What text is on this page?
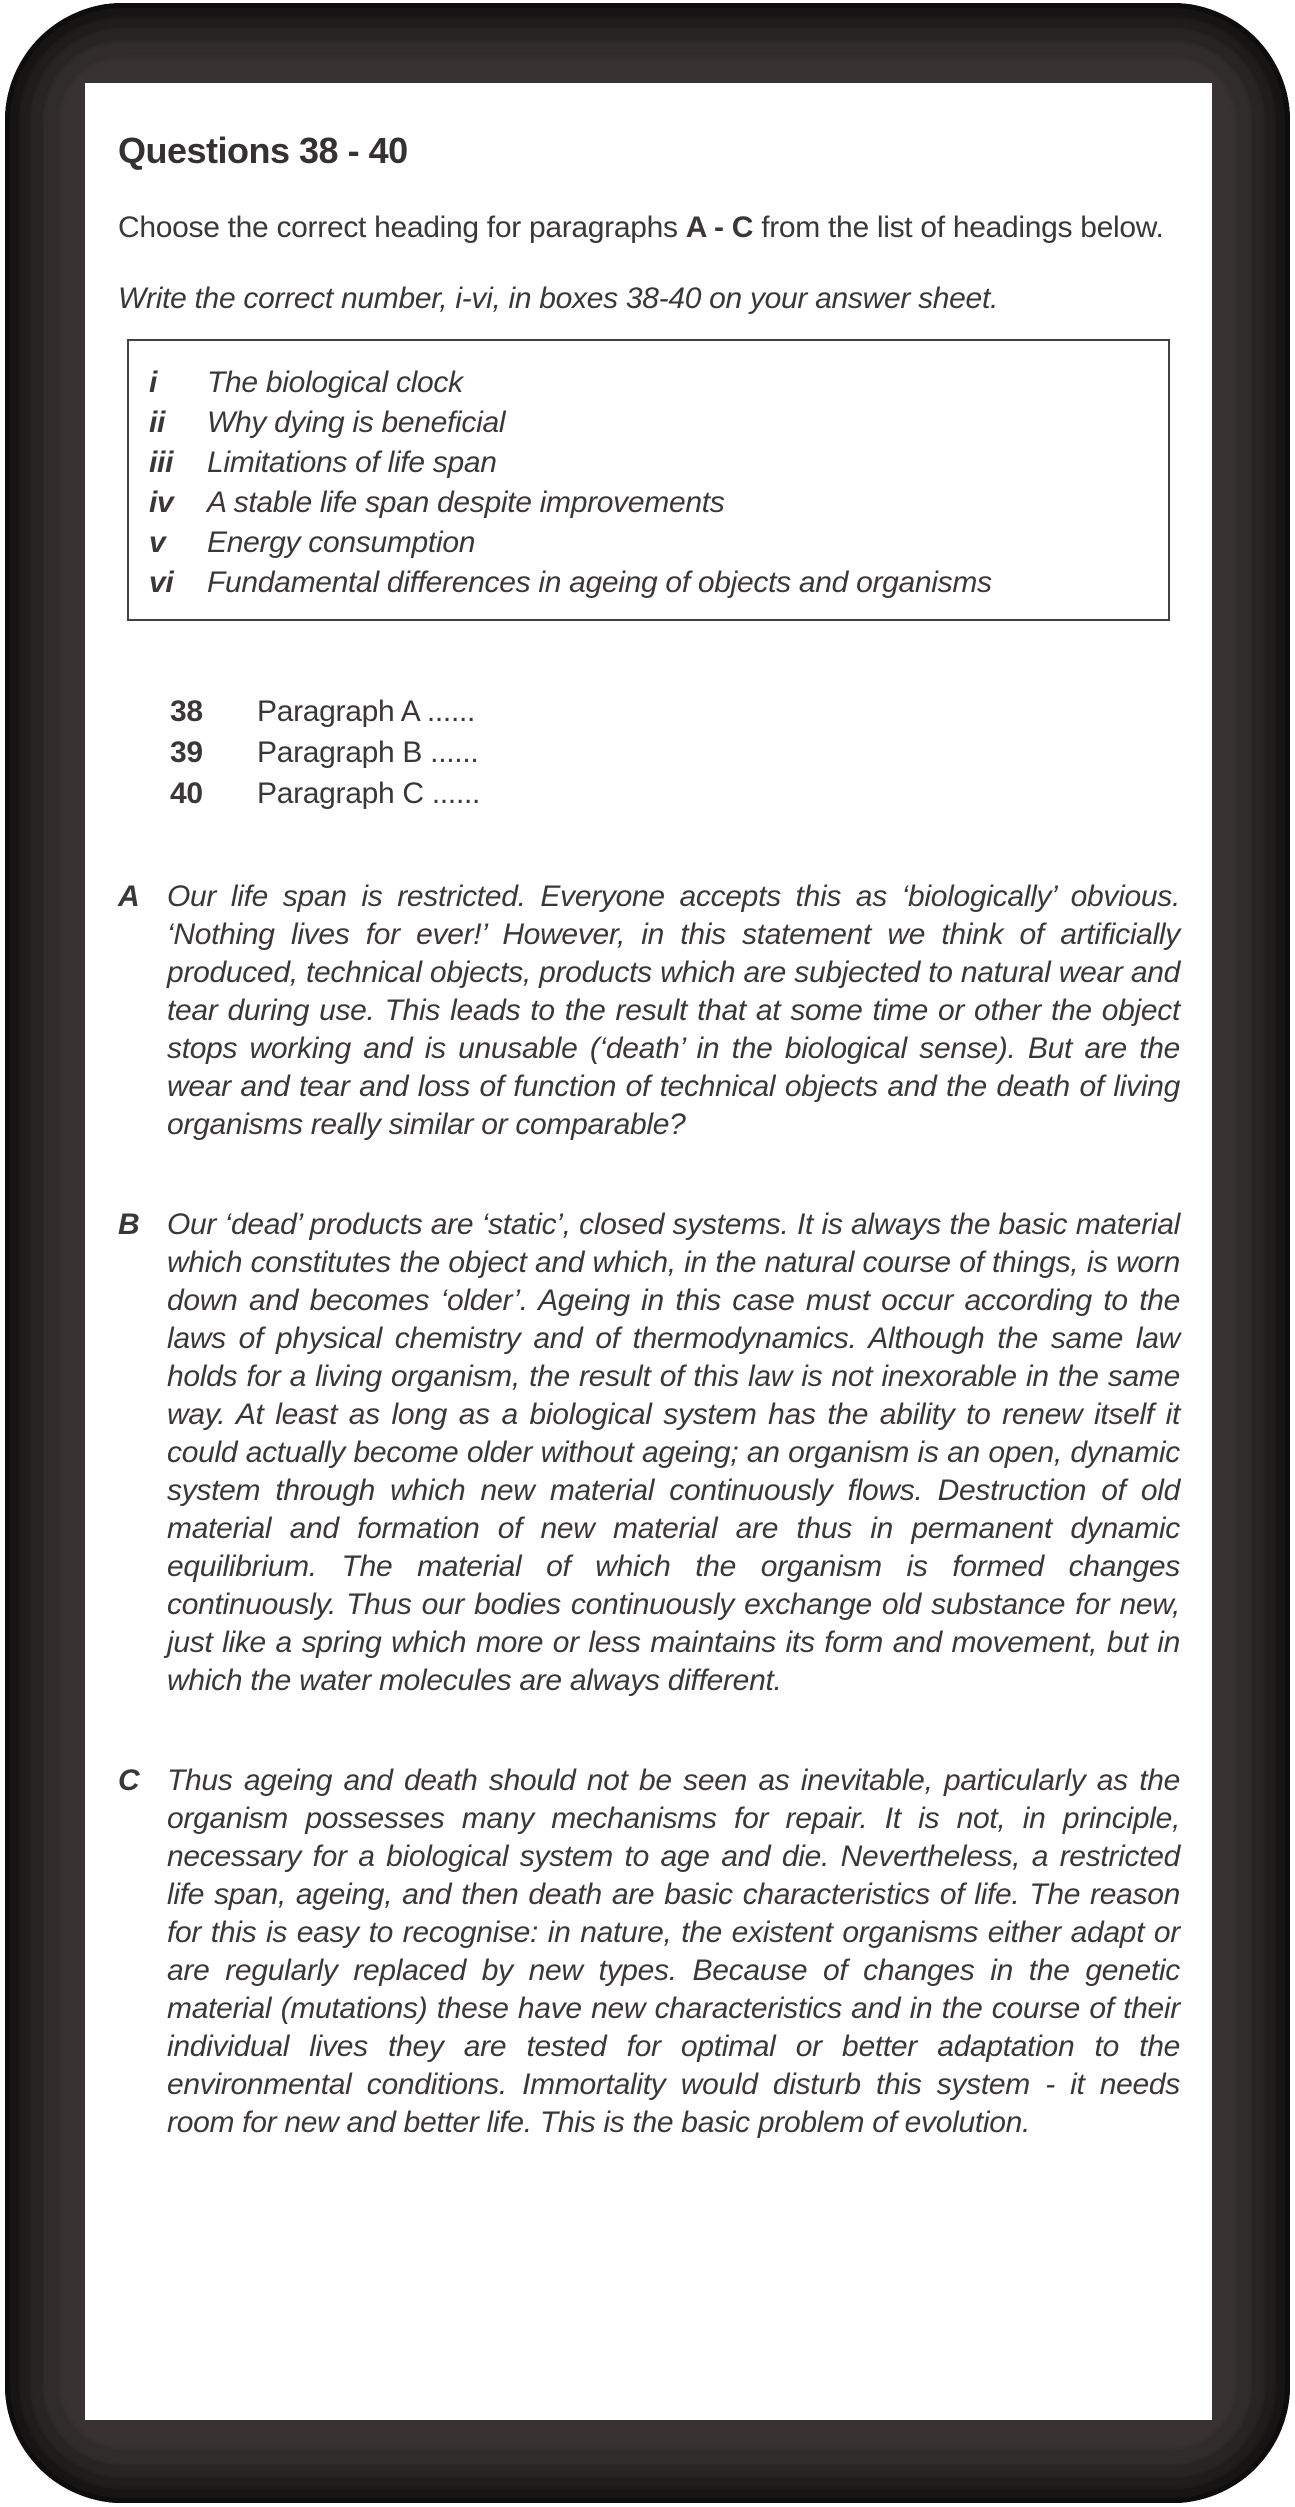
Questions 38 - 40

Choose the correct heading for paragraphs A - C from the list of headings below.

Write the correct number, i-vi, in boxes 38-40 on your answer sheet.

i	The biological clock
ii	Why dying is beneficial
iii	Limitations of life span
iv	A stable life span despite improvements
v	Energy consumption
vi	Fundamental differences in ageing of objects and organisms
38	Paragraph A ......
39	Paragraph B ......
40	Paragraph C ......
A Our life span is restricted. Everyone accepts this as ‘biologically’ obvious. ‘Nothing lives for ever!’ However, in this statement we think of artificially produced, technical objects, products which are subjected to natural wear and tear during use. This leads to the result that at some time or other the object stops working and is unusable (‘death’ in the biological sense). But are the wear and tear and loss of function of technical objects and the death of living organisms really similar or comparable?
B Our ‘dead’ products are ‘static’, closed systems. It is always the basic material which constitutes the object and which, in the natural course of things, is worn down and becomes ‘older’. Ageing in this case must occur according to the laws of physical chemistry and of thermodynamics. Although the same law holds for a living organism, the result of this law is not inexorable in the same way. At least as long as a biological system has the ability to renew itself it could actually become older without ageing; an organism is an open, dynamic system through which new material continuously flows. Destruction of old material and formation of new material are thus in permanent dynamic equilibrium. The material of which the organism is formed changes continuously. Thus our bodies continuously exchange old substance for new, just like a spring which more or less maintains its form and movement, but in which the water molecules are always different.
C Thus ageing and death should not be seen as inevitable, particularly as the organism possesses many mechanisms for repair. It is not, in principle, necessary for a biological system to age and die. Nevertheless, a restricted life span, ageing, and then death are basic characteristics of life. The reason for this is easy to recognise: in nature, the existent organisms either adapt or are regularly replaced by new types. Because of changes in the genetic material (mutations) these have new characteristics and in the course of their individual lives they are tested for optimal or better adaptation to the environmental conditions. Immortality would disturb this system - it needs room for new and better life. This is the basic problem of evolution.
